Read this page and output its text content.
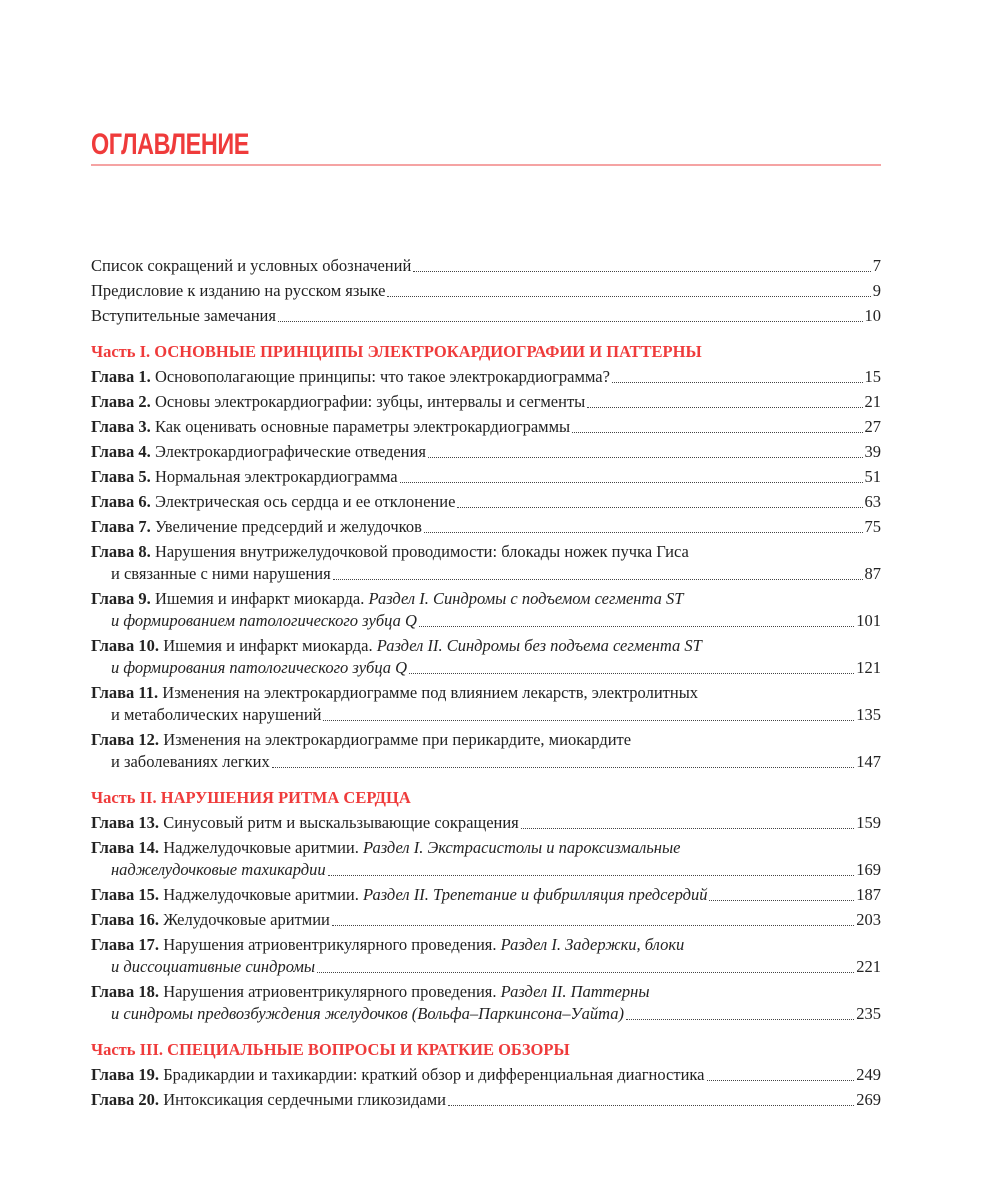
ОГЛАВЛЕНИЕ
Список сокращений и условных обозначений	7
Предисловие к изданию на русском языке	9
Вступительные замечания	10
Часть I. ОСНОВНЫЕ ПРИНЦИПЫ ЭЛЕКТРОКАРДИОГРАФИИ И ПАТТЕРНЫ
Глава 1. Основополагающие принципы: что такое электрокардиограмма?	15
Глава 2. Основы электрокардиографии: зубцы, интервалы и сегменты	21
Глава 3. Как оценивать основные параметры электрокардиограммы	27
Глава 4. Электрокардиографические отведения	39
Глава 5. Нормальная электрокардиограмма	51
Глава 6. Электрическая ось сердца и ее отклонение	63
Глава 7. Увеличение предсердий и желудочков	75
Глава 8. Нарушения внутрижелудочковой проводимости: блокады ножек пучка Гиса
и связанные с ними нарушения	87
Глава 9. Ишемия и инфаркт миокарда. Раздел I. Синдромы с подъемом сегмента ST
и формированием патологического зубца Q	101
Глава 10. Ишемия и инфаркт миокарда. Раздел II. Синдромы без подъема сегмента ST
и формирования патологического зубца Q	121
Глава 11. Изменения на электрокардиограмме под влиянием лекарств, электролитных
и метаболических нарушений	135
Глава 12. Изменения на электрокардиограмме при перикардите, миокардите
и заболеваниях легких	147
Часть II. НАРУШЕНИЯ РИТМА СЕРДЦА
Глава 13. Синусовый ритм и выскальзывающие сокращения	159
Глава 14. Наджелудочковые аритмии. Раздел I. Экстрасистолы и пароксизмальные
наджелудочковые тахикардии	169
Глава 15. Наджелудочковые аритмии. Раздел II. Трепетание и фибрилляция предсердий	187
Глава 16. Желудочковые аритмии	203
Глава 17. Нарушения атриовентрикулярного проведения. Раздел I. Задержки, блоки
и диссоциативные синдромы	221
Глава 18. Нарушения атриовентрикулярного проведения. Раздел II. Паттерны
и синдромы предвозбуждения желудочков (Вольфа–Паркинсона–Уайта)	235
Часть III. СПЕЦИАЛЬНЫЕ ВОПРОСЫ И КРАТКИЕ ОБЗОРЫ
Глава 19. Брадикардии и тахикардии: краткий обзор и дифференциальная диагностика	249
Глава 20. Интоксикация сердечными гликозидами	269
